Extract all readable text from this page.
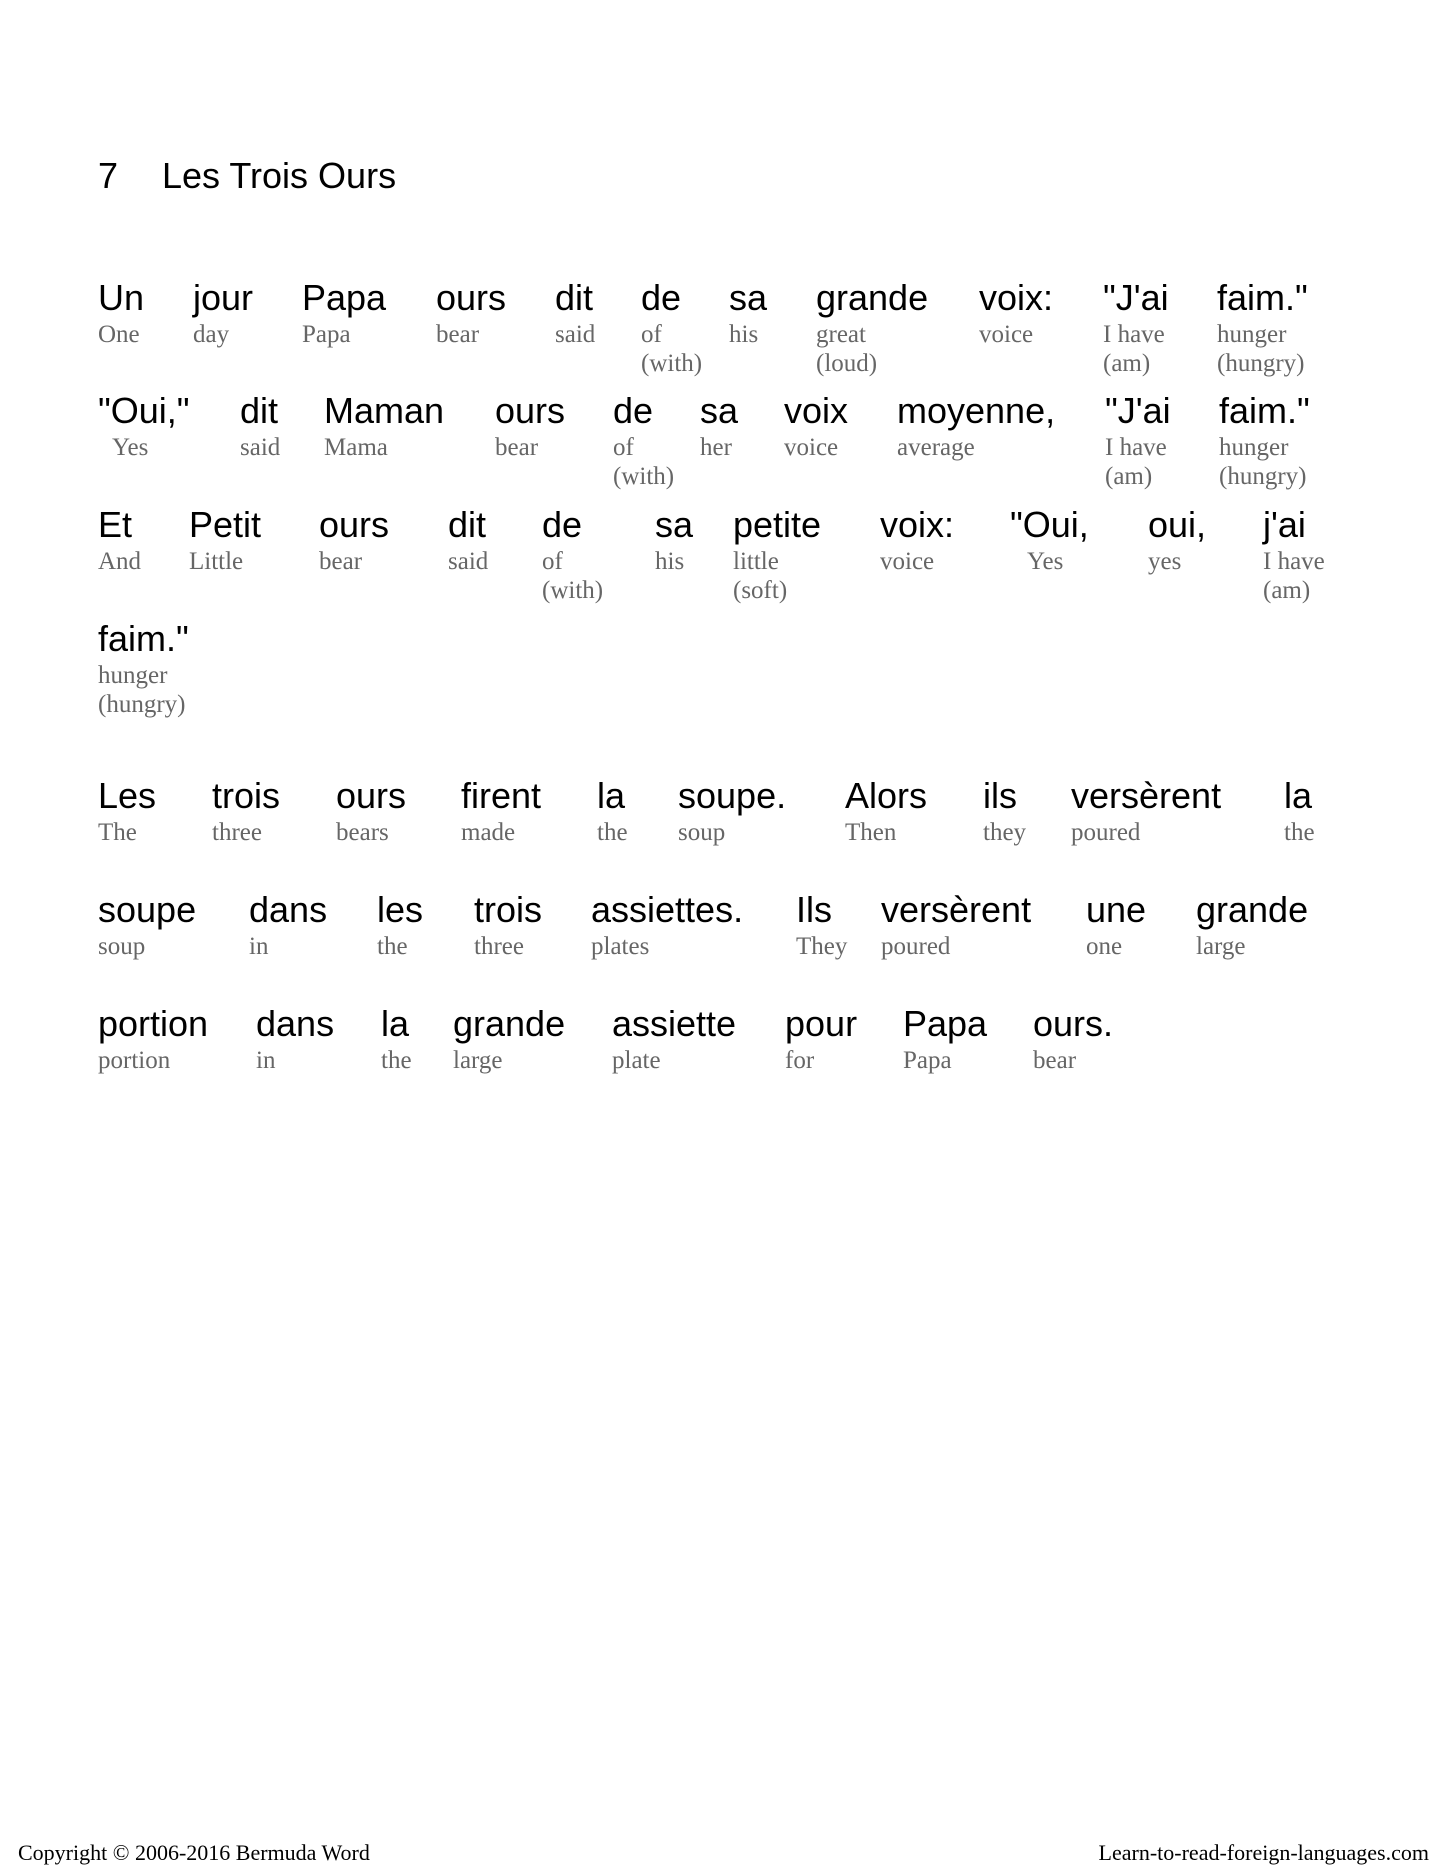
7 Les Trois Ours
Un
One
jour
day
Papa
Papa
ours
bear
dit
said
de
of
(with)
sa
his
grande
great
(loud)
voix:
voice
"J'ai
I have
(am)
faim."
hunger
(hungry)
"Oui,"
Yes
dit
said
Maman
Mama
ours
bear
de
of
(with)
sa
her
voix
voice
moyenne,
average
"J'ai
I have
(am)
faim."
hunger
(hungry)
Et
And
Petit
Little
ours
bear
dit
said
de
of
(with)
sa
his
petite
little
(soft)
voix:
voice
"Oui,
Yes
oui,
yes
j'ai
I have
(am)
faim."
hunger
(hungry)
Les
The
trois
three
ours
bears
firent
made
la
the
soupe.
soup
Alors
Then
ils
they
versèrent
poured
la
the
soupe
soup
dans
in
les
the
trois
three
assiettes.
plates
Ils
They
versèrent
poured
une
one
grande
large
portion
portion
dans
in
la
the
grande
large
assiette
plate
pour
for
Papa
Papa
ours.
bear
Copyright © 2006-2016 Bermuda Word	Learn-to-read-foreign-languages.com
